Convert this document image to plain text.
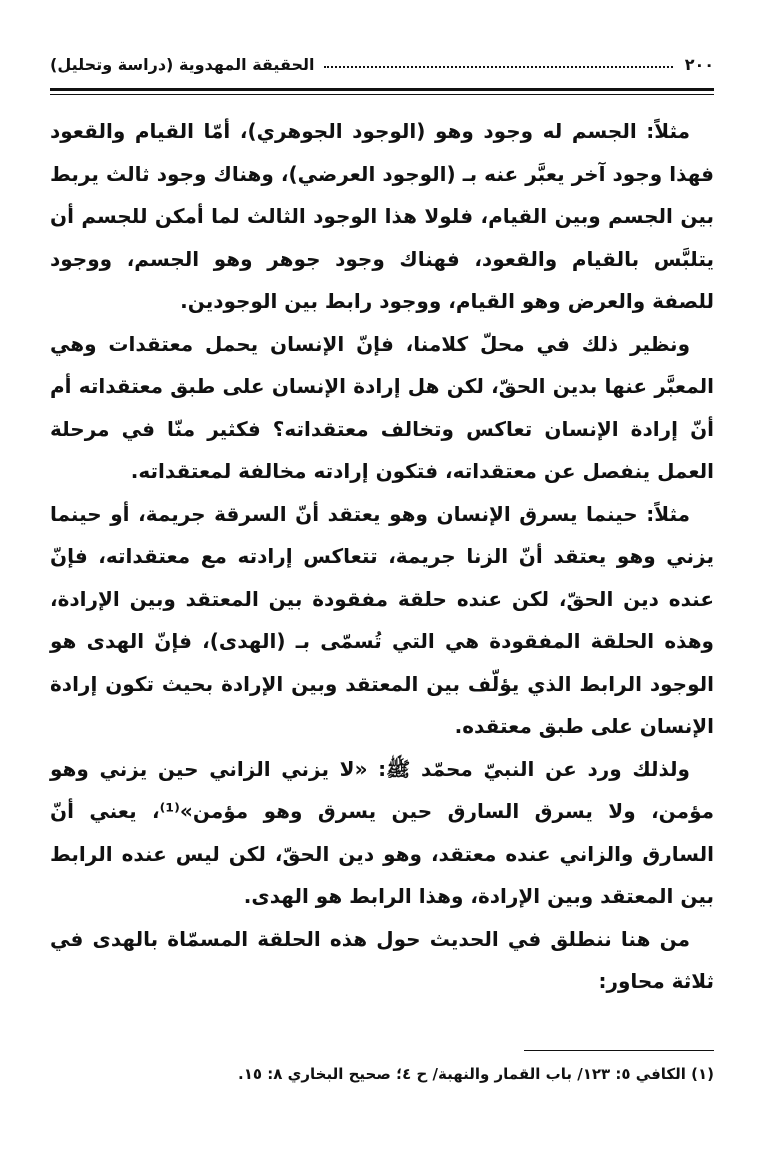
٢٠٠
الحقيقة المهدوية (دراسة وتحليل)

مثلاً: الجسم له وجود وهو (الوجود الجوهري)، أمّا القيام والقعود فهذا وجود آخر يعبَّر عنه بـ (الوجود العرضي)، وهناك وجود ثالث يربط بين الجسم وبين القيام، فلولا هذا الوجود الثالث لما أمكن للجسم أن يتلبَّس بالقيام والقعود، فهناك وجود جوهر وهو الجسم، ووجود للصفة والعرض وهو القيام، ووجود رابط بين الوجودين.

ونظير ذلك في محلّ كلامنا، فإنّ الإنسان يحمل معتقدات وهي المعبَّر عنها بدين الحقّ، لكن هل إرادة الإنسان على طبق معتقداته أم أنّ إرادة الإنسان تعاكس وتخالف معتقداته؟ فكثير منّا في مرحلة العمل ينفصل عن معتقداته، فتكون إرادته مخالفة لمعتقداته.

مثلاً: حينما يسرق الإنسان وهو يعتقد أنّ السرقة جريمة، أو حينما يزني وهو يعتقد أنّ الزنا جريمة، تتعاكس إرادته مع معتقداته، فإنّ عنده دين الحقّ، لكن عنده حلقة مفقودة بين المعتقد وبين الإرادة، وهذه الحلقة المفقودة هي التي تُسمّى بـ (الهدى)، فإنّ الهدى هو الوجود الرابط الذي يؤلّف بين المعتقد وبين الإرادة بحيث تكون إرادة الإنسان على طبق معتقده.

ولذلك ورد عن النبيّ محمّد ﷺ: «لا يزني الزاني حين يزني وهو مؤمن، ولا يسرق السارق حين يسرق وهو مؤمن»⁽¹⁾، يعني أنّ السارق والزاني عنده معتقد، وهو دين الحقّ، لكن ليس عنده الرابط بين المعتقد وبين الإرادة، وهذا الرابط هو الهدى.

من هنا ننطلق في الحديث حول هذه الحلقة المسمّاة بالهدى في ثلاثة محاور:

(١) الكافي ٥: ١٢٣/ باب القمار والنهبة/ ح ٤؛ صحيح البخاري ٨: ١٥.
